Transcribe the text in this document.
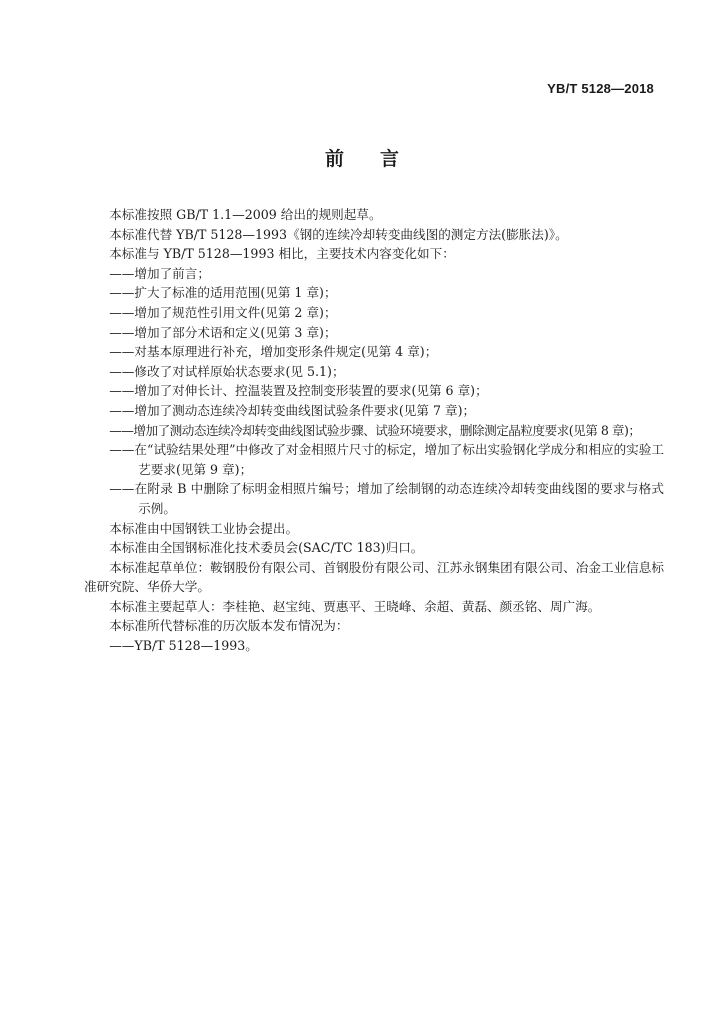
YB/T 5128—2018
前言

本标准按照 GB/T 1.1—2009 给出的规则起草。

本标准代替 YB/T 5128—1993《钢的连续冷却转变曲线图的测定方法(膨胀法)》。

本标准与 YB/T 5128—1993 相比，主要技术内容变化如下：

——增加了前言；

——扩大了标准的适用范围(见第 1 章)；

——增加了规范性引用文件(见第 2 章)；

——增加了部分术语和定义(见第 3 章)；

——对基本原理进行补充，增加变形条件规定(见第 4 章)；

——修改了对试样原始状态要求(见 5.1)；

——增加了对伸长计、控温装置及控制变形装置的要求(见第 6 章)；

——增加了测动态连续冷却转变曲线图试验条件要求(见第 7 章)；

——增加了测动态连续冷却转变曲线图试验步骤、试验环境要求，删除测定晶粒度要求(见第 8 章)；

——在“试验结果处理”中修改了对金相照片尺寸的标定，增加了标出实验钢化学成分和相应的实验工艺要求(见第 9 章)；

——在附录 B 中删除了标明金相照片编号；增加了绘制钢的动态连续冷却转变曲线图的要求与格式示例。

本标准由中国钢铁工业协会提出。

本标准由全国钢标准化技术委员会(SAC/TC 183)归口。

本标准起草单位：鞍钢股份有限公司、首钢股份有限公司、江苏永钢集团有限公司、冶金工业信息标准研究院、华侨大学。

本标准主要起草人：李桂艳、赵宝纯、贾惠平、王晓峰、余超、黄磊、颜丞铭、周广海。

本标准所代替标准的历次版本发布情况为：

——YB/T 5128—1993。
